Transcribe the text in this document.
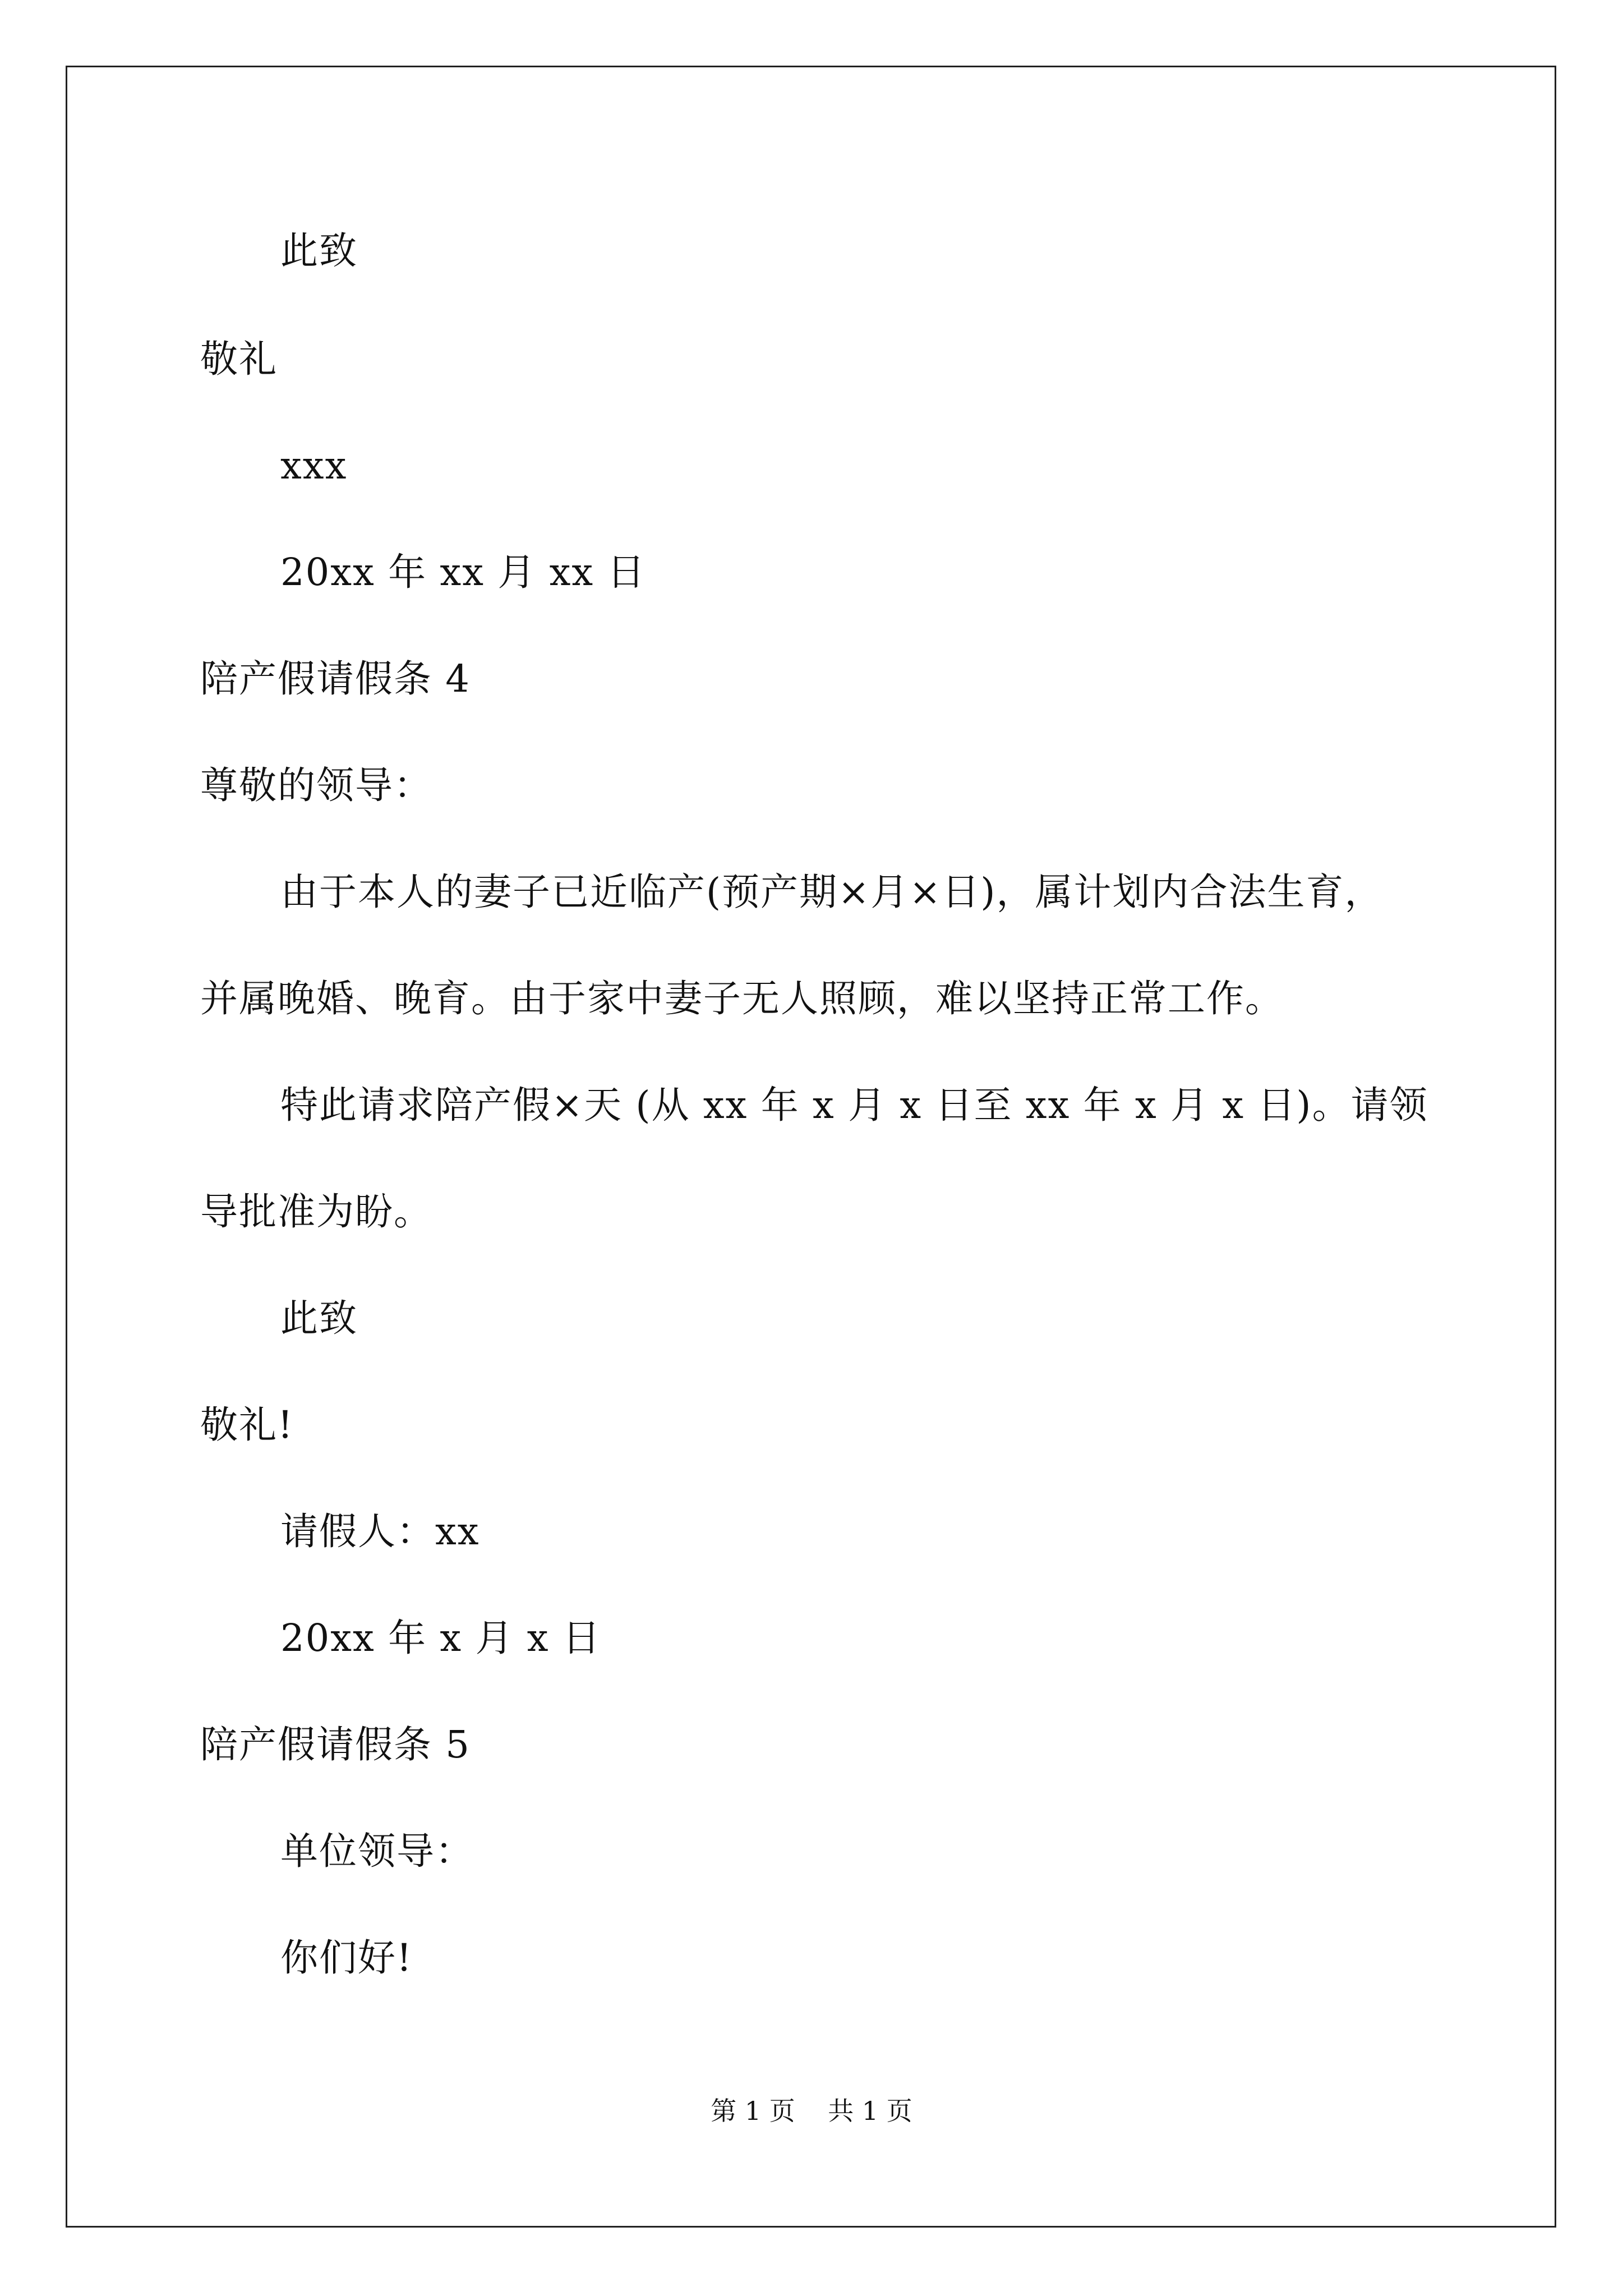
此致
敬礼
xxx
20xx 年 xx 月 xx 日
陪产假请假条 4
尊敬的领导：
由于本人的妻子已近临产(预产期×月×日)，属计划内合法生育，
并属晚婚、晚育。由于家中妻子无人照顾，难以坚持正常工作。
特此请求陪产假×天 (从 xx 年 x 月 x 日至 xx 年 x 月 x 日)。请领
导批准为盼。
此致
敬礼!
请假人：xx
20xx 年 x 月 x 日
陪产假请假条 5
单位领导：
你们好!
第 1 页    共 1 页
